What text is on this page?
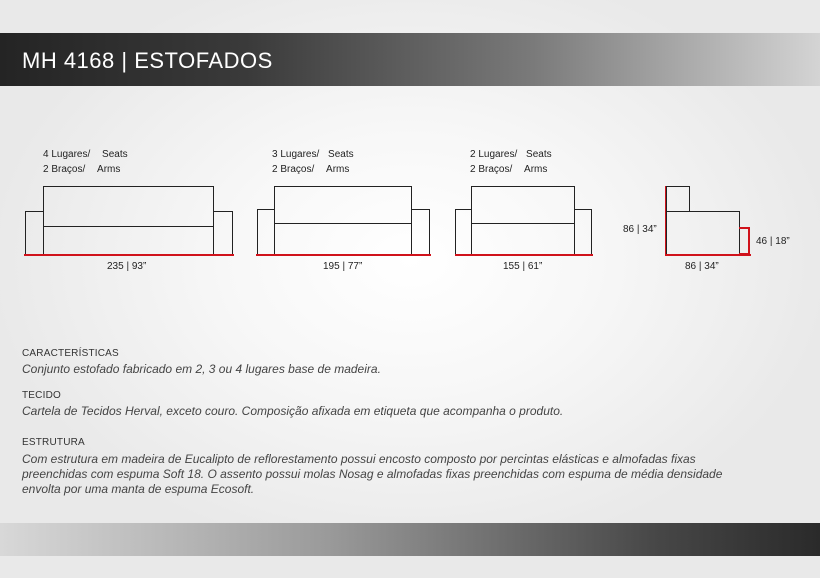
MH 4168 | ESTOFADOS
4 Lugares/ Seats
2 Braços/ Arms
235 | 93”
3 Lugares/ Seats
2 Braços/ Arms
195 | 77”
2 Lugares/ Seats
2 Braços/ Arms
155 | 61”
86 | 34”
46 | 18”
86 | 34”
CARACTERÍSTICAS
Conjunto estofado fabricado em 2, 3 ou 4 lugares base de madeira.
TECIDO
Cartela de Tecidos Herval, exceto couro. Composição afixada em etiqueta que acompanha o produto.
ESTRUTURA
Com estrutura em madeira de Eucalipto de reflorestamento possui encosto composto por percintas elásticas e almofadas fixas preenchidas com espuma Soft 18. O assento possui molas Nosag e almofadas fixas preenchidas com espuma de média densidade envolta por uma manta de espuma Ecosoft.
